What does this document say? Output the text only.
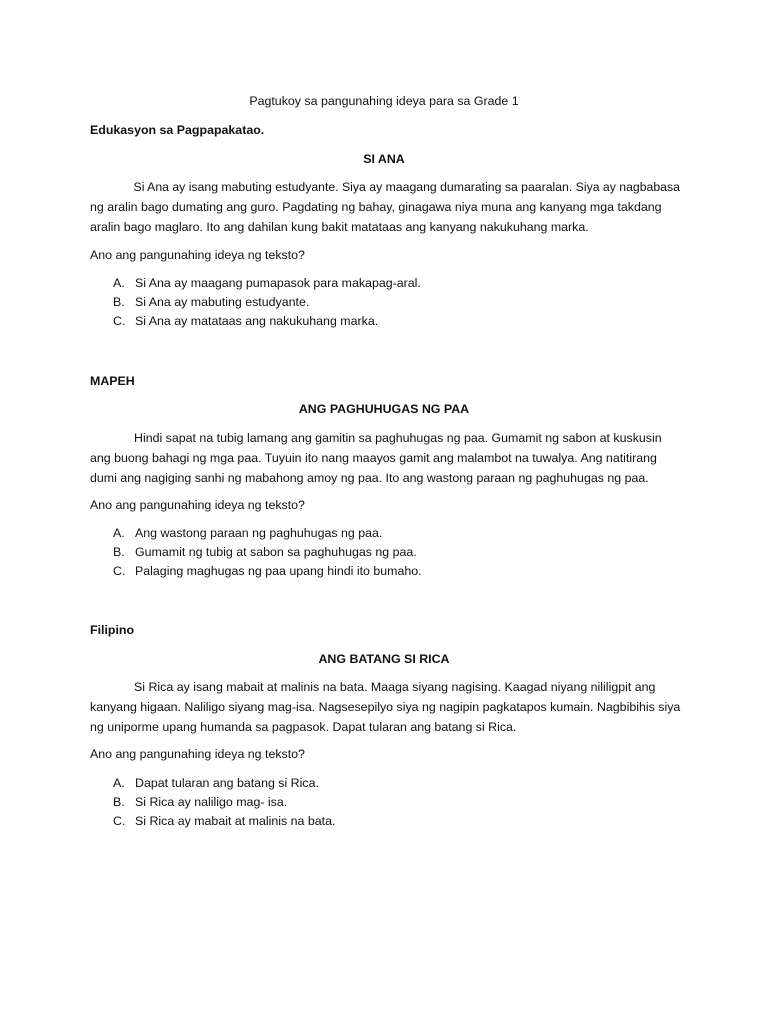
Pagtukoy sa pangunahing ideya para sa Grade 1

Edukasyon sa Pagpapakatao.

SI ANA

Si Ana ay isang mabuting estudyante. Siya ay maagang dumarating sa paaralan. Siya ay nagbabasa
ng aralin bago dumating ang guro. Pagdating ng bahay, ginagawa niya muna ang kanyang mga takdang
aralin bago maglaro. Ito ang dahilan kung bakit matataas ang kanyang nakukuhang marka.

Ano ang pangunahing ideya ng teksto?

A. Si Ana ay maagang pumapasok para makapag-aral.
B. Si Ana ay mabuting estudyante.
C. Si Ana ay matataas ang nakukuhang marka.

MAPEH

ANG PAGHUHUGAS NG PAA

Hindi sapat na tubig lamang ang gamitin sa paghuhugas ng paa. Gumamit ng sabon at kuskusin
ang buong bahagi ng mga paa. Tuyuin ito nang maayos gamit ang malambot na tuwalya. Ang natitirang
dumi ang nagiging sanhi ng mabahong amoy ng paa. Ito ang wastong paraan ng paghuhugas ng paa.

Ano ang pangunahing ideya ng teksto?

A. Ang wastong paraan ng paghuhugas ng paa.
B. Gumamit ng tubig at sabon sa paghuhugas ng paa.
C. Palaging maghugas ng paa upang hindi ito bumaho.

Filipino

ANG BATANG SI RICA

Si Rica ay isang mabait at malinis na bata. Maaga siyang nagising. Kaagad niyang nililigpit ang
kanyang higaan. Naliligo siyang mag-isa. Nagsesepilyo siya ng nagipin pagkatapos kumain. Nagbibihis siya
ng uniporme upang humanda sa pagpasok. Dapat tularan ang batang si Rica.

Ano ang pangunahing ideya ng teksto?

A. Dapat tularan ang batang si Rica.
B. Si Rica ay naliligo mag- isa.
C. Si Rica ay mabait at malinis na bata.
